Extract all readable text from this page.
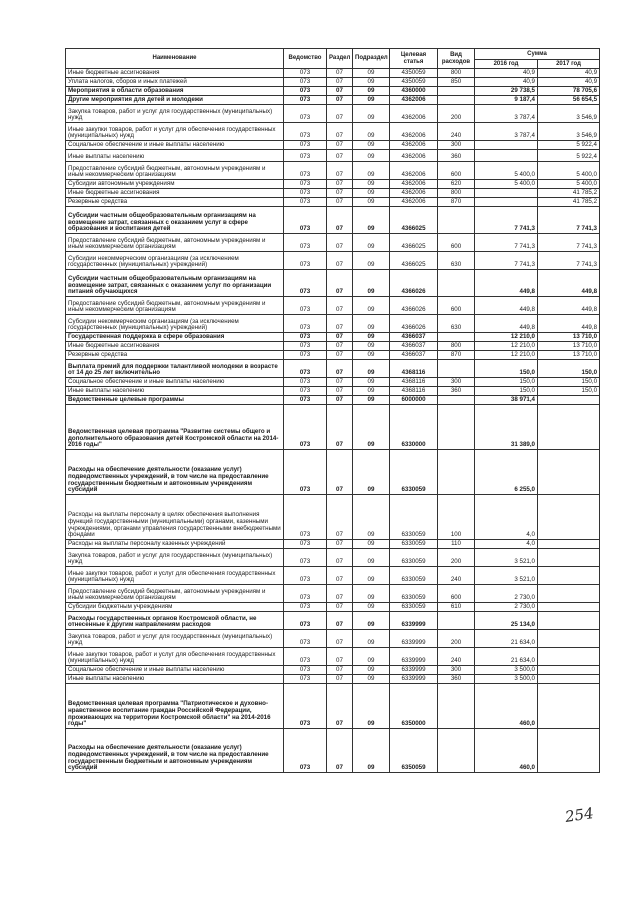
Наименование	Ведомство	Раздел	Подраздел	Целевая статья	Вид расходов	Сумма	
						2016 год	2017 год
Иные бюджетные ассигнования	073	07	09	4350059	800	40,9	40,9
Уплата налогов, сборов и иных платежей	073	07	09	4350059	850	40,9	40,9
Мероприятия в области образования	073	07	09	4360000		29 738,5	78 705,6
Другие мероприятия для детей и молодежи	073	07	09	4362006		9 187,4	56 654,5
Закупка товаров, работ и услуг для государственных (муниципальных) нужд	073	07	09	4362006	200	3 787,4	3 546,9
Иные закупки товаров, работ и услуг для обеспечения государственных (муниципальных) нужд	073	07	09	4362006	240	3 787,4	3 546,9
Социальное обеспечение и иные выплаты населению	073	07	09	4362006	300		5 922,4
Иные выплаты населению	073	07	09	4362006	360		5 922,4
Предоставление субсидий бюджетным, автономным учреждениям и иным некоммерческим организациям	073	07	09	4362006	600	5 400,0	5 400,0
Субсидии автономным учреждениям	073	07	09	4362006	620	5 400,0	5 400,0
Иные бюджетные ассигнования	073	07	09	4362006	800		41 785,2
Резервные средства	073	07	09	4362006	870		41 785,2
Субсидии частным общеобразовательным организациям на возмещение затрат, связанных с оказанием услуг в сфере образования и воспитания детей	073	07	09	4366025		7 741,3	7 741,3
Предоставление субсидий бюджетным, автономным учреждениям и иным некоммерческим организациям	073	07	09	4366025	600	7 741,3	7 741,3
Субсидии некоммерческим организациям (за исключением государственных (муниципальных) учреждений)	073	07	09	4366025	630	7 741,3	7 741,3
Субсидии частным общеобразовательным организациям на возмещение затрат, связанных с оказанием услуг по организации питания обучающихся	073	07	09	4366026		449,8	449,8
Предоставление субсидий бюджетным, автономным учреждениям и иным некоммерческим организациям	073	07	09	4366026	600	449,8	449,8
Субсидии некоммерческим организациям (за исключением государственных (муниципальных) учреждений)	073	07	09	4366026	630	449,8	449,8
Государственная поддержка в сфере образования	073	07	09	4366037		12 210,0	13 710,0
Иные бюджетные ассигнования	073	07	09	4366037	800	12 210,0	13 710,0
Резервные средства	073	07	09	4366037	870	12 210,0	13 710,0
Выплата премий для поддержки талантливой молодежи в возрасте от 14 до 25 лет включительно	073	07	09	4368116		150,0	150,0
Социальное обеспечение и иные выплаты населению	073	07	09	4368116	300	150,0	150,0
Иные выплаты населению	073	07	09	4368116	360	150,0	150,0
Ведомственные целевые программы	073	07	09	6000000		38 971,4	
Ведомственная целевая программа "Развитие системы общего и дополнительного образования детей Костромской области на 2014-2016 годы"	073	07	09	6330000		31 389,0	
Расходы на обеспечение деятельности (оказание услуг) подведомственных учреждений, в том числе на предоставление государственным бюджетным и автономным учреждениям субсидий	073	07	09	6330059		6 255,0	
Расходы на выплаты персоналу в целях обеспечения выполнения функций государственными (муниципальными) органами, казенными учреждениями, органами управления государственными внебюджетными фондами	073	07	09	6330059	100	4,0	
Расходы на выплаты персоналу казенных учреждений	073	07	09	6330059	110	4,0	
Закупка товаров, работ и услуг для государственных (муниципальных) нужд	073	07	09	6330059	200	3 521,0	
Иные закупки товаров, работ и услуг для обеспечения государственных (муниципальных) нужд	073	07	09	6330059	240	3 521,0	
Предоставление субсидий бюджетным, автономным учреждениям и иным некоммерческим организациям	073	07	09	6330059	600	2 730,0	
Субсидии бюджетным учреждениям	073	07	09	6330059	610	2 730,0	
Расходы государственных органов Костромской области, не отнесенные к другим направлениям расходов	073	07	09	6339999		25 134,0	
Закупка товаров, работ и услуг для государственных (муниципальных) нужд	073	07	09	6339999	200	21 634,0	
Иные закупки товаров, работ и услуг для обеспечения государственных (муниципальных) нужд	073	07	09	6339999	240	21 634,0	
Социальное обеспечение и иные выплаты населению	073	07	09	6339999	300	3 500,0	
Иные выплаты населению	073	07	09	6339999	360	3 500,0	
Ведомственная целевая программа "Патриотическое и духовно-нравственное воспитание граждан Российской Федерации, проживающих на территории Костромской области" на 2014-2016 годы"	073	07	09	6350000		460,0	
Расходы на обеспечение деятельности (оказание услуг) подведомственных учреждений, в том числе на предоставление государственным бюджетным и автономным учреждениям субсидий	073	07	09	6350059		460,0	
254
